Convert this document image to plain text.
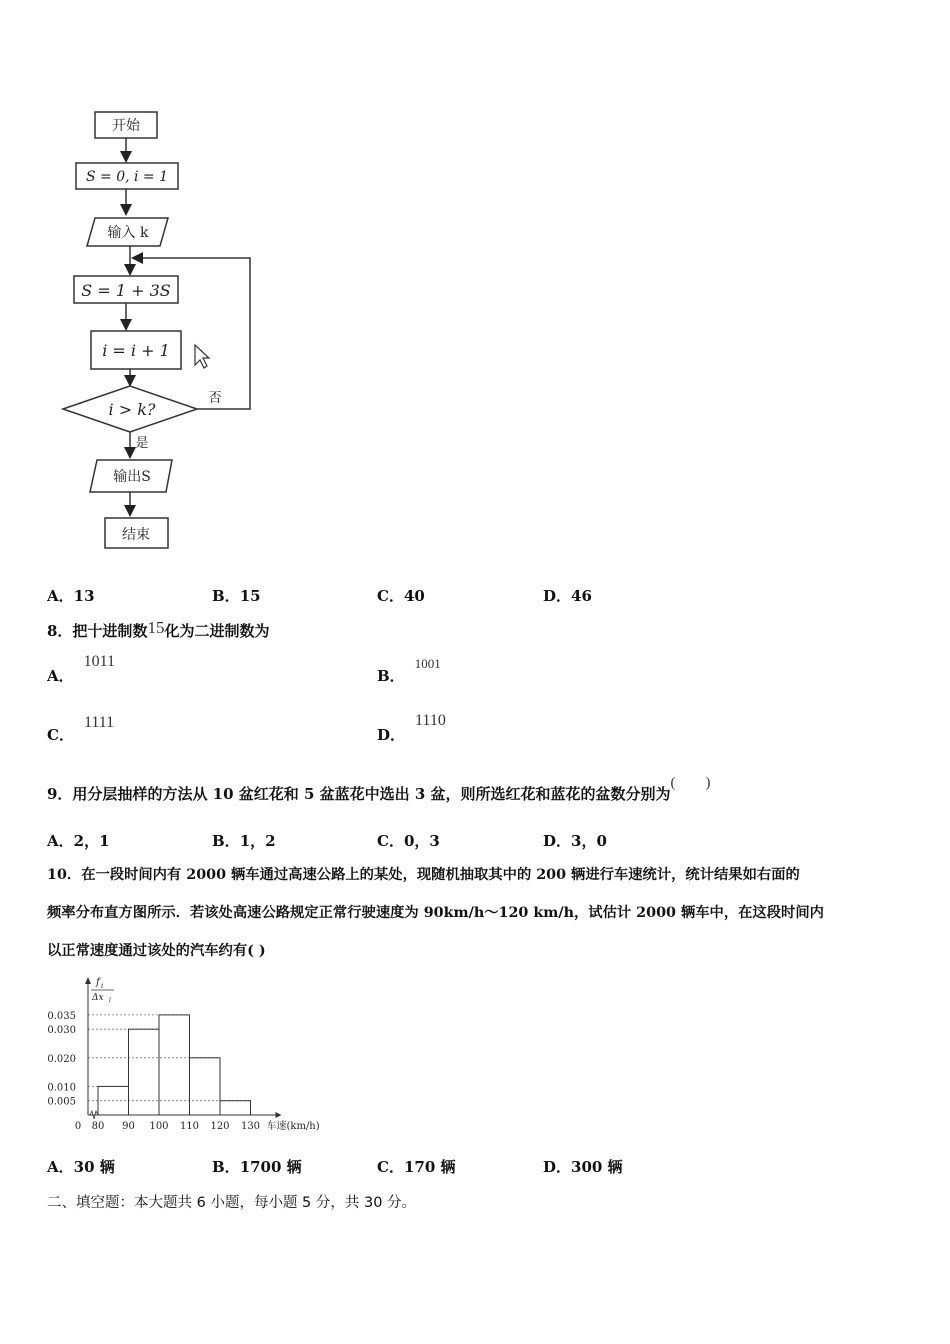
开始
S = 0, i = 1
输入 k
S = 1 + 3S
i = i + 1
i > k?
否
是
输出S
结束
A．13	B．15	C．40	D．46
8．把十进制数15化为二进制数为
A．1011
B．1001
C．1111
D．1110
9．用分层抽样的方法从 10 盆红花和 5 盆蓝花中选出 3 盆，则所选红花和蓝花的盆数分别为(　　)
A．2，1	B．1，2	C．0，3	D．3，0
10．在一段时间内有 2000 辆车通过高速公路上的某处，现随机抽取其中的 200 辆进行车速统计，统计结果如右面的
频率分布直方图所示．若该处高速公路规定正常行驶速度为 90km/h～120 km/h，试估计 2000 辆车中，在这段时间内
以正常速度通过该处的汽车约有( )
0.005
0.010
0.020
0.030
0.035
0 80 90 100 110 120 130 车速(km/h)
f i
Δx i
A．30 辆	B．1700 辆	C．170 辆	D．300 辆
二、填空题：本大题共 6 小题，每小题 5 分，共 30 分。
